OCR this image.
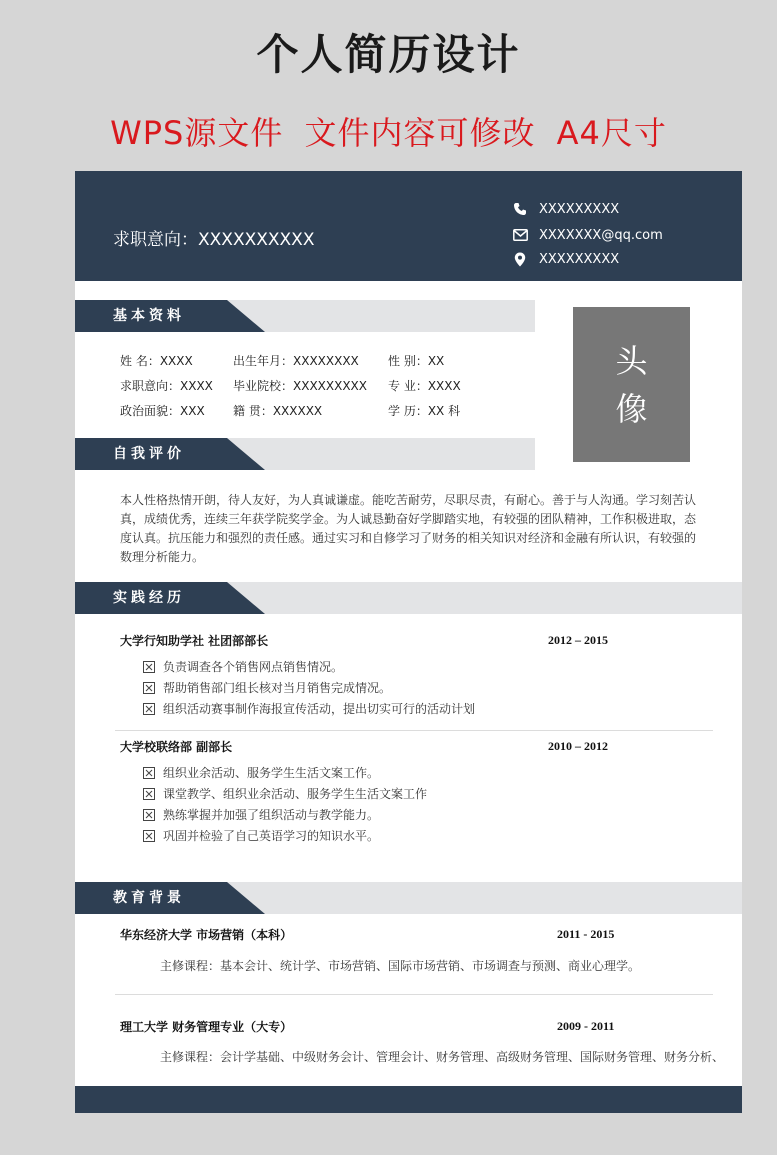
个人简历设计
WPS源文件 文件内容可修改 A4尺寸
求职意向：XXXXXXXXXX
XXXXXXXXX
XXXXXXX@qq.com
XXXXXXXXX
基本资料
头
像
姓 名：XXXX	出生年月：XXXXXXXX 性 别：XX
求职意向：XXXX 毕业院校：XXXXXXXXX 专 业：XXXX
政治面貌：XXX 籍 贯：XXXXXX	学 历：XX 科
自我评价
本人性格热情开朗，待人友好，为人真诚谦虚。能吃苦耐劳，尽职尽责，有耐心。善于与人沟通。学习刻苦认真，成绩优秀，连续三年获学院奖学金。为人诚恳勤奋好学脚踏实地，有较强的团队精神，工作积极进取，态度认真。抗压能力和强烈的责任感。通过实习和自修学习了财务的相关知识对经济和金融有所认识，有较强的数理分析能力。
实践经历
大学行知助学社 社团部部长	2012 – 2015
负责调查各个销售网点销售情况。
帮助销售部门组长核对当月销售完成情况。
组织活动赛事制作海报宣传活动，提出切实可行的活动计划
大学校联络部 副部长	2010 – 2012
组织业余活动、服务学生生活文案工作。
课堂教学、组织业余活动、服务学生生活文案工作
熟练掌握并加强了组织活动与教学能力。
巩固并检验了自己英语学习的知识水平。
教育背景
华东经济大学 市场营销（本科）	2011 - 2015
主修课程：基本会计、统计学、市场营销、国际市场营销、市场调查与预测、商业心理学。
理工大学 财务管理专业（大专）	2009 - 2011
主修课程：会计学基础、中级财务会计、管理会计、财务管理、高级财务管理、国际财务管理、财务分析、
